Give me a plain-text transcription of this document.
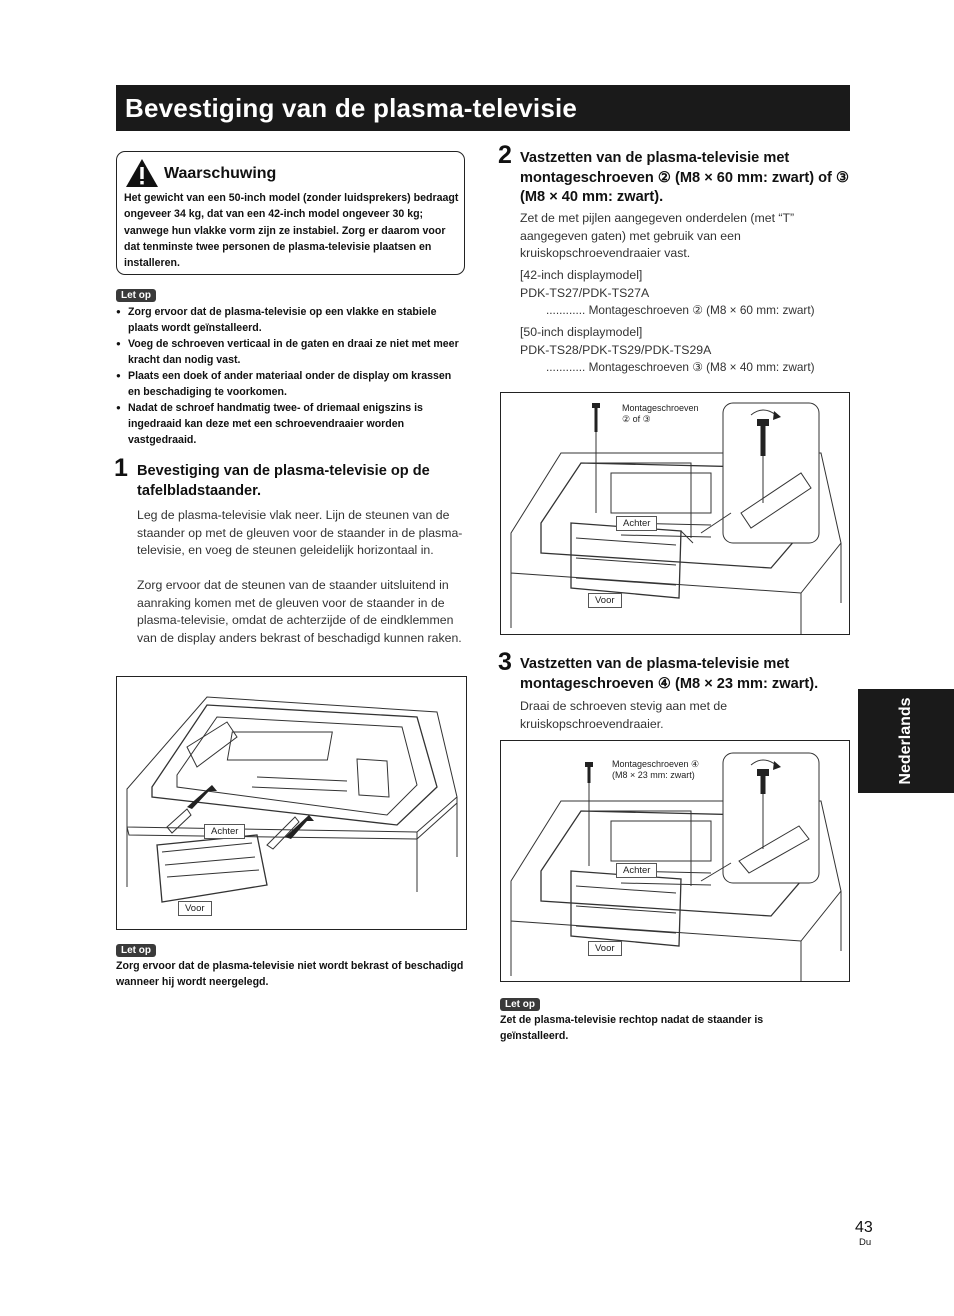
Bevestiging van de plasma-televisie
Waarschuwing
Het gewicht van een 50-inch model (zonder luidsprekers) bedraagt ongeveer 34 kg, dat van een 42-inch model ongeveer 30 kg; vanwege hun vlakke vorm zijn ze instabiel. Zorg er daarom voor dat tenminste twee personen de plasma-televisie plaatsen en installeren.
Let op
● Zorg ervoor dat de plasma-televisie op een vlakke en stabiele plaats wordt geïnstalleerd.
● Voeg de schroeven verticaal in de gaten en draai ze niet met meer kracht dan nodig vast.
● Plaats een doek of ander materiaal onder de display om krassen en beschadiging te voorkomen.
● Nadat de schroef handmatig twee- of driemaal enigszins is ingedraaid kan deze met een schroevendraaier worden vastgedraaid.
1 Bevestiging van de plasma-televisie op de tafelbladstaander.
Leg de plasma-televisie vlak neer. Lijn de steunen van de staander op met de gleuven voor de staander in de plasma-televisie, en voeg de steunen geleidelijk horizontaal in.
Zorg ervoor dat de steunen van de staander uitsluitend in aanraking komen met de gleuven voor de staander in de plasma-televisie, omdat de achterzijde of de eindklemmen van de display anders bekrast of beschadigd kunnen raken.
Achter
Voor
Let op
Zorg ervoor dat de plasma-televisie niet wordt bekrast of beschadigd wanneer hij wordt neergelegd.
2 Vastzetten van de plasma-televisie met montageschroeven ② (M8 × 60 mm: zwart) of ③ (M8 × 40 mm: zwart).
Zet de met pijlen aangegeven onderdelen (met “T” aangegeven gaten) met gebruik van een kruiskopschroevendraaier vast.
[42-inch displaymodel]
PDK-TS27/PDK-TS27A
............ Montageschroeven ② (M8 × 60 mm: zwart)
[50-inch displaymodel]
PDK-TS28/PDK-TS29/PDK-TS29A
............ Montageschroeven ③ (M8 × 40 mm: zwart)
Montageschroeven
② of ③
Achter
Voor
3 Vastzetten van de plasma-televisie met montageschroeven ④ (M8 × 23 mm: zwart).
Draai de schroeven stevig aan met de kruiskopschroevendraaier.
Montageschroeven ④
(M8 × 23 mm: zwart)
Achter
Voor
Let op
Zet de plasma-televisie rechtop nadat de staander is geïnstalleerd.
Nederlands
43
Du
